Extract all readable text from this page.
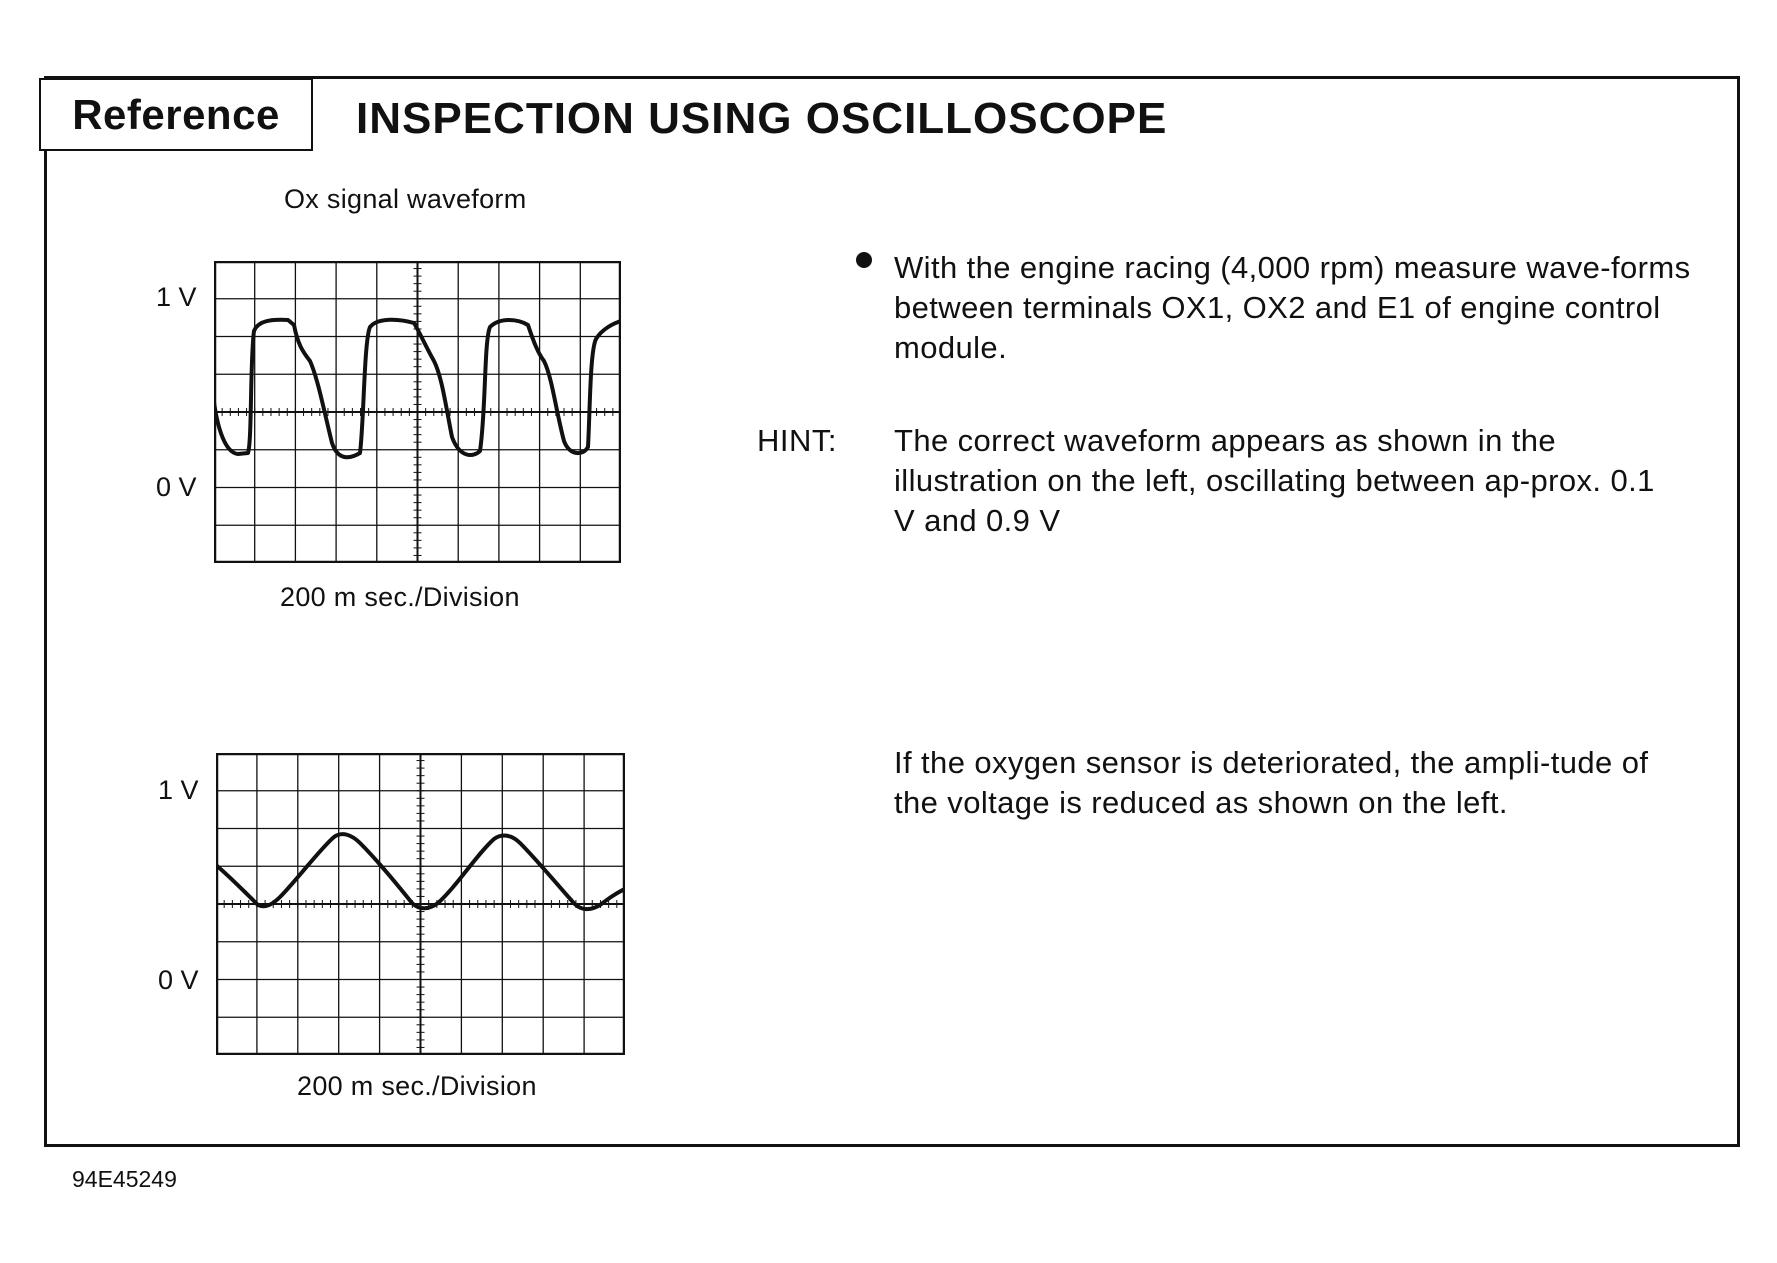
Reference	INSPECTION USING OSCILLOSCOPE
Ox signal waveform
1 V
0 V
200 m sec./Division
1 V
0 V
200 m sec./Division
With the engine racing (4,000 rpm) measure wave-forms between terminals OX1, OX2 and E1 of engine control module.
HINT: The correct waveform appears as shown in the illustration on the left, oscillating between ap-prox. 0.1 V and 0.9 V
If the oxygen sensor is deteriorated, the ampli-tude of the voltage is reduced as shown on the left.
94E45249
